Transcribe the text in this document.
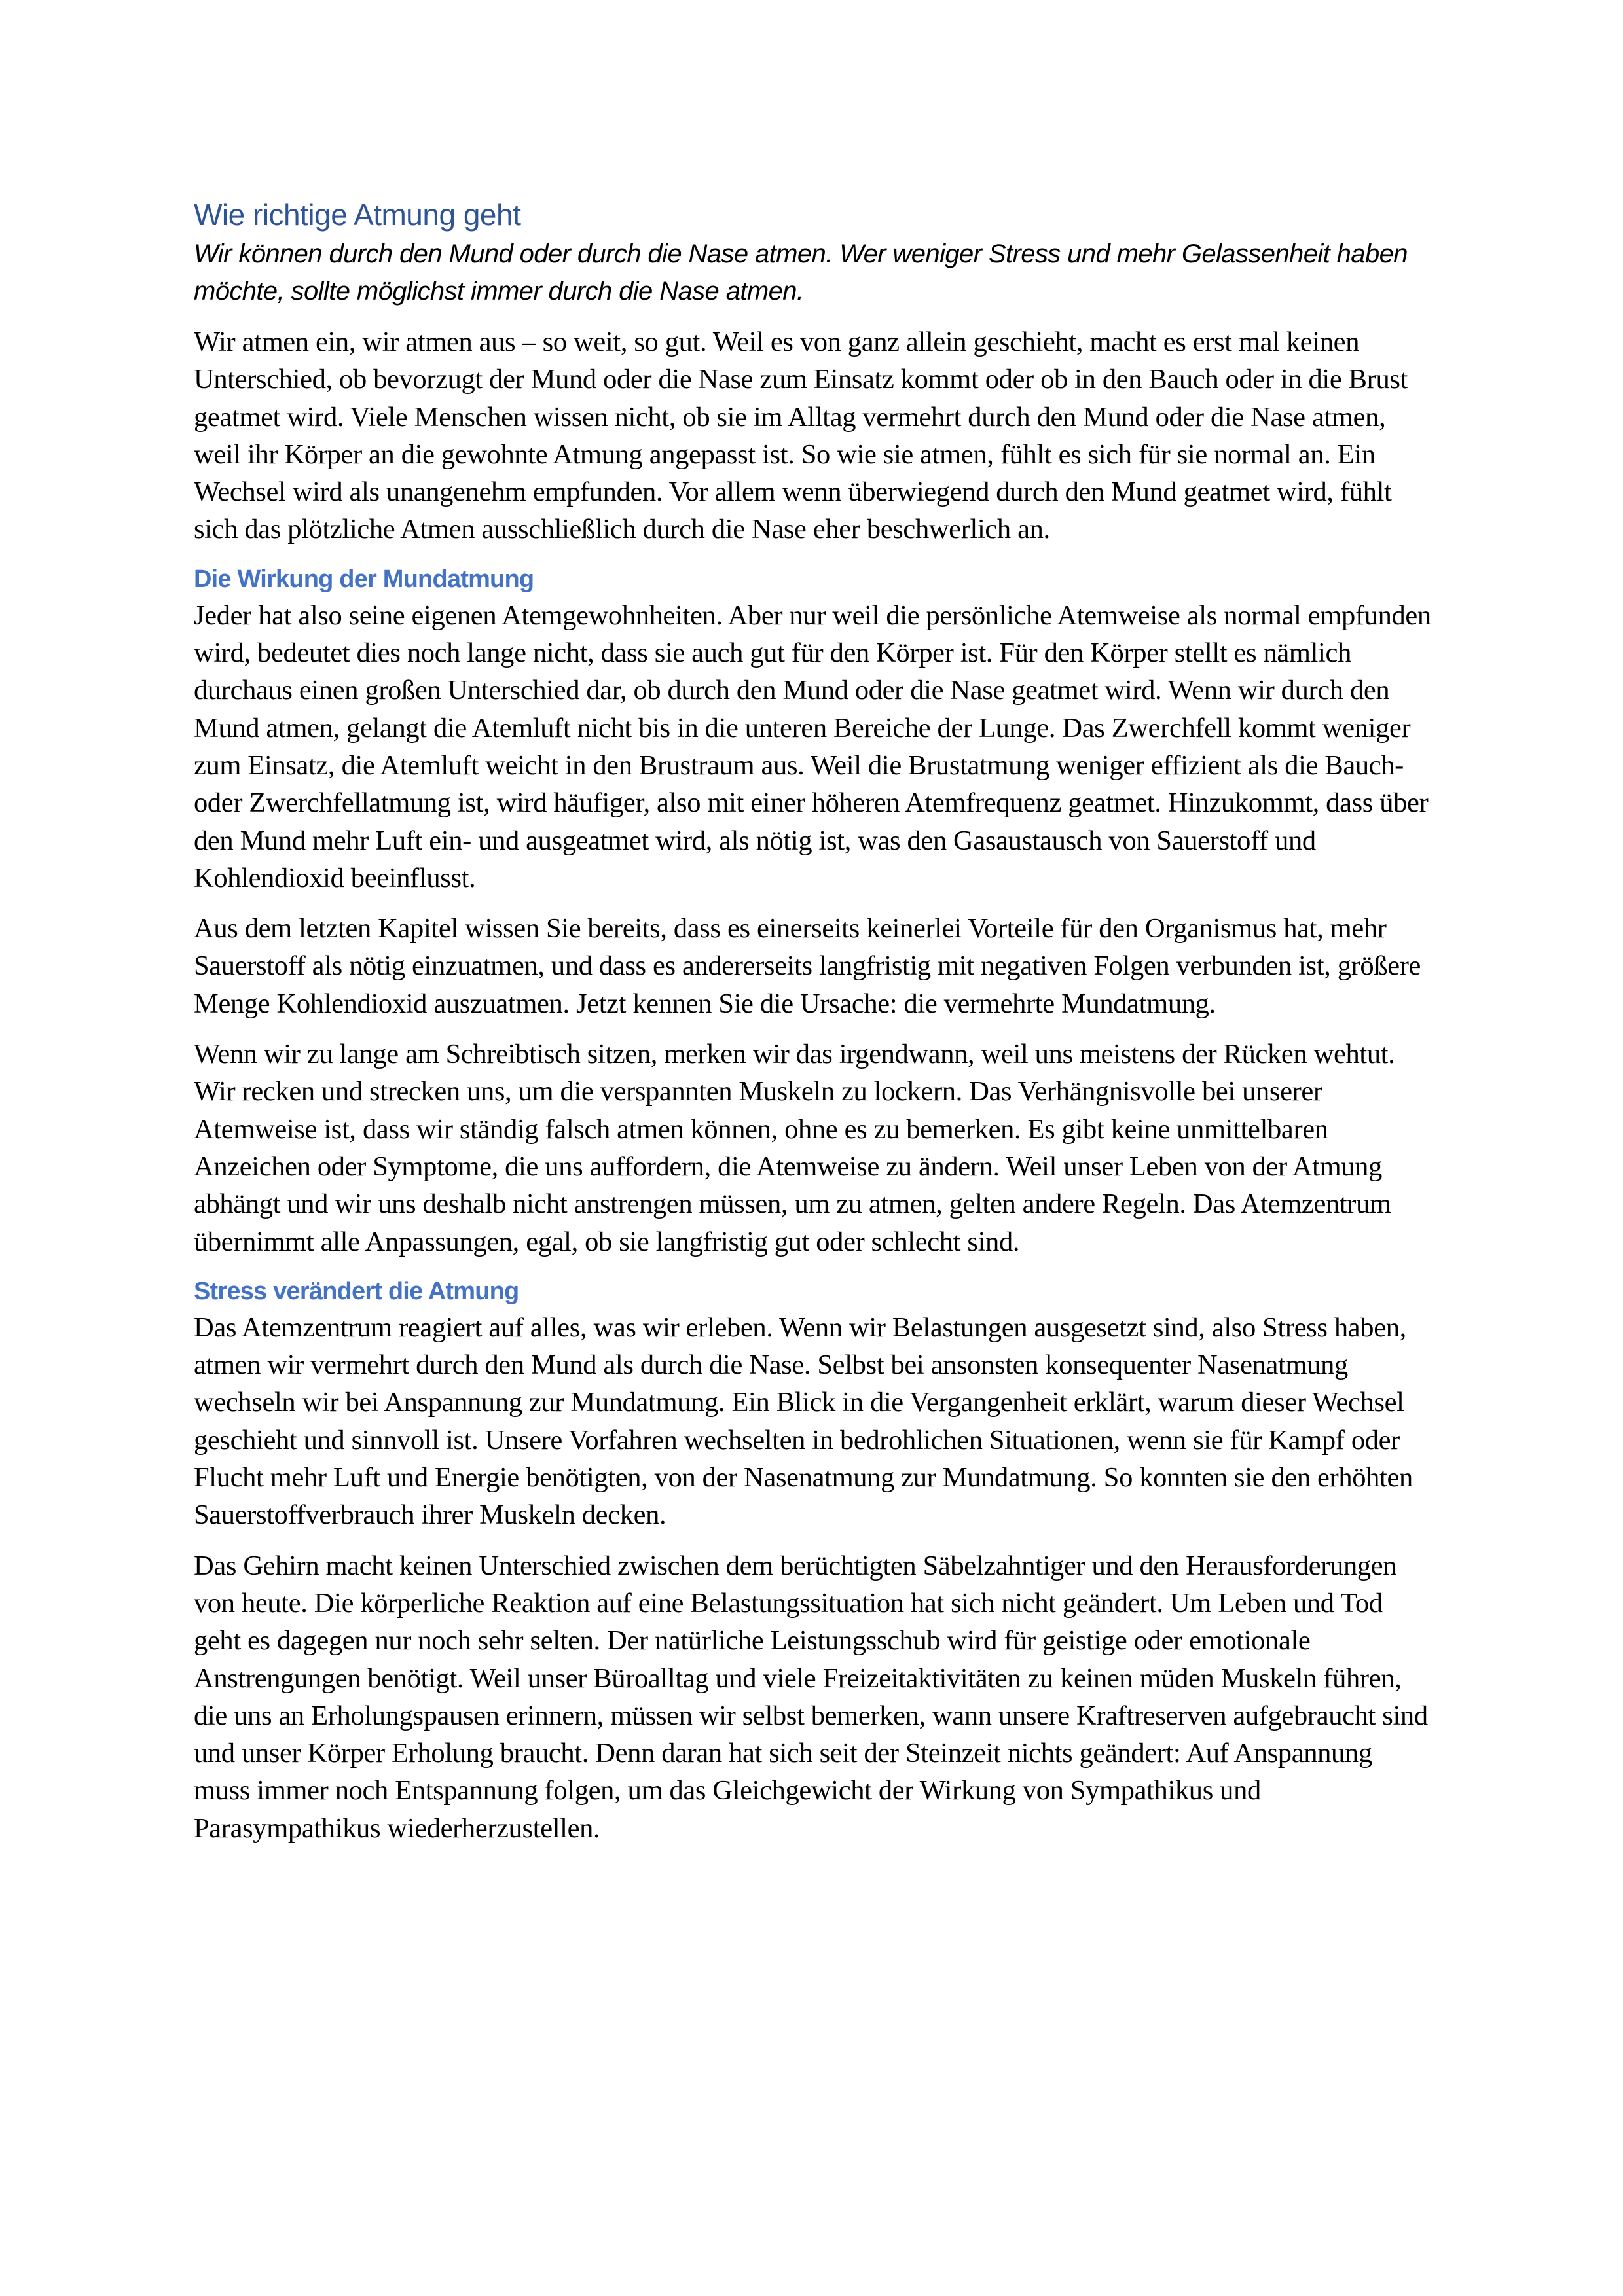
Wie richtige Atmung geht

Wir können durch den Mund oder durch die Nase atmen. Wer weniger Stress und mehr Gelassenheit haben möchte, sollte möglichst immer durch die Nase atmen.

Wir atmen ein, wir atmen aus – so weit, so gut. Weil es von ganz allein geschieht, macht es erst mal keinen Unterschied, ob bevorzugt der Mund oder die Nase zum Einsatz kommt oder ob in den Bauch oder in die Brust geatmet wird. Viele Menschen wissen nicht, ob sie im Alltag vermehrt durch den Mund oder die Nase atmen, weil ihr Körper an die gewohnte Atmung angepasst ist. So wie sie atmen, fühlt es sich für sie normal an. Ein Wechsel wird als unangenehm empfunden. Vor allem wenn überwiegend durch den Mund geatmet wird, fühlt sich das plötzliche Atmen ausschließlich durch die Nase eher beschwerlich an.

Die Wirkung der Mundatmung

Jeder hat also seine eigenen Atemgewohnheiten. Aber nur weil die persönliche Atemweise als normal empfunden wird, bedeutet dies noch lange nicht, dass sie auch gut für den Körper ist. Für den Körper stellt es nämlich durchaus einen großen Unterschied dar, ob durch den Mund oder die Nase geatmet wird. Wenn wir durch den Mund atmen, gelangt die Atemluft nicht bis in die unteren Bereiche der Lunge. Das Zwerchfell kommt weniger zum Einsatz, die Atemluft weicht in den Brustraum aus. Weil die Brustatmung weniger effizient als die Bauch- oder Zwerchfellatmung ist, wird häufiger, also mit einer höheren Atemfrequenz geatmet. Hinzukommt, dass über den Mund mehr Luft ein- und ausgeatmet wird, als nötig ist, was den Gasaustausch von Sauerstoff und Kohlendioxid beeinflusst.

Aus dem letzten Kapitel wissen Sie bereits, dass es einerseits keinerlei Vorteile für den Organismus hat, mehr Sauerstoff als nötig einzuatmen, und dass es andererseits langfristig mit negativen Folgen verbunden ist, größere Menge Kohlendioxid auszuatmen. Jetzt kennen Sie die Ursache: die vermehrte Mundatmung.

Wenn wir zu lange am Schreibtisch sitzen, merken wir das irgendwann, weil uns meistens der Rücken wehtut. Wir recken und strecken uns, um die verspannten Muskeln zu lockern. Das Verhängnisvolle bei unserer Atemweise ist, dass wir ständig falsch atmen können, ohne es zu bemerken. Es gibt keine unmittelbaren Anzeichen oder Symptome, die uns auffordern, die Atemweise zu ändern. Weil unser Leben von der Atmung abhängt und wir uns deshalb nicht anstrengen müssen, um zu atmen, gelten andere Regeln. Das Atemzentrum übernimmt alle Anpassungen, egal, ob sie langfristig gut oder schlecht sind.

Stress verändert die Atmung

Das Atemzentrum reagiert auf alles, was wir erleben. Wenn wir Belastungen ausgesetzt sind, also Stress haben, atmen wir vermehrt durch den Mund als durch die Nase. Selbst bei ansonsten konsequenter Nasenatmung wechseln wir bei Anspannung zur Mundatmung. Ein Blick in die Vergangenheit erklärt, warum dieser Wechsel geschieht und sinnvoll ist. Unsere Vorfahren wechselten in bedrohlichen Situationen, wenn sie für Kampf oder Flucht mehr Luft und Energie benötigten, von der Nasenatmung zur Mundatmung. So konnten sie den erhöhten Sauerstoffverbrauch ihrer Muskeln decken.

Das Gehirn macht keinen Unterschied zwischen dem berüchtigten Säbelzahntiger und den Herausforderungen von heute. Die körperliche Reaktion auf eine Belastungssituation hat sich nicht geändert. Um Leben und Tod geht es dagegen nur noch sehr selten. Der natürliche Leistungsschub wird für geistige oder emotionale Anstrengungen benötigt. Weil unser Büroalltag und viele Freizeitaktivitäten zu keinen müden Muskeln führen, die uns an Erholungspausen erinnern, müssen wir selbst bemerken, wann unsere Kraftreserven aufgebraucht sind und unser Körper Erholung braucht. Denn daran hat sich seit der Steinzeit nichts geändert: Auf Anspannung muss immer noch Entspannung folgen, um das Gleichgewicht der Wirkung von Sympathikus und Parasympathikus wiederherzustellen.
